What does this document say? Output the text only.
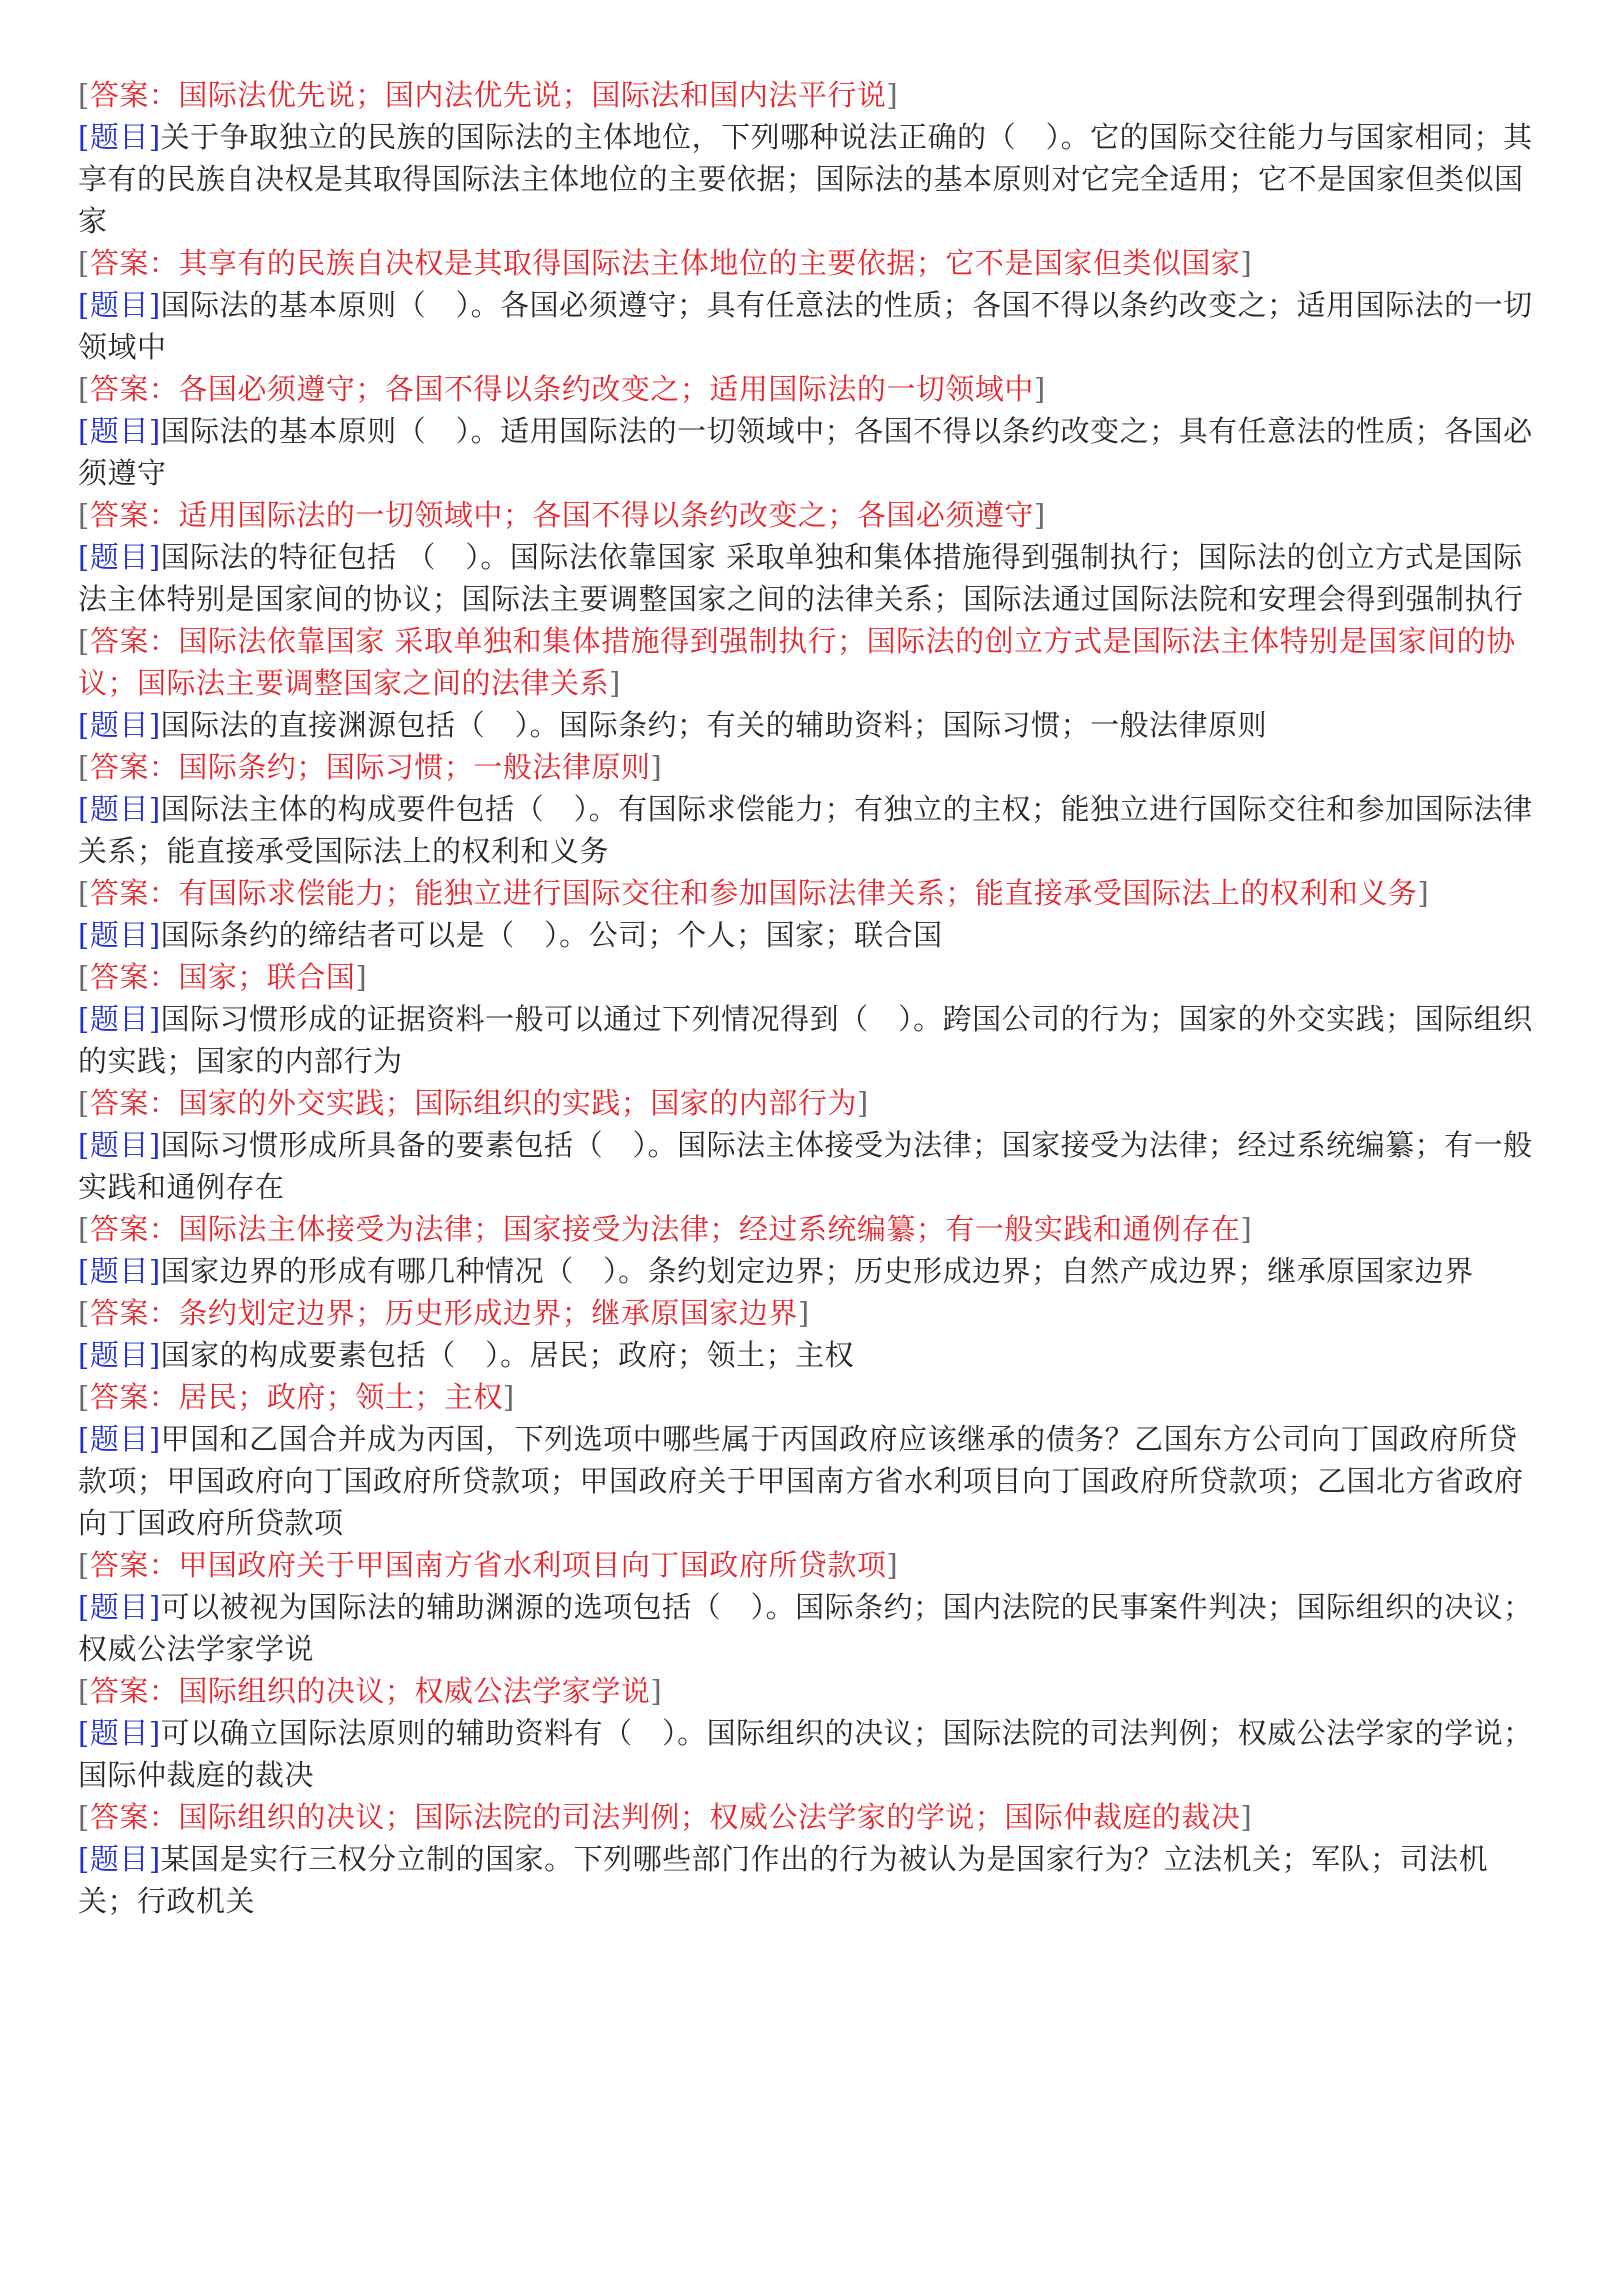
[答案：国际法优先说；国内法优先说；国际法和国内法平行说]

[题目]关于争取独立的民族的国际法的主体地位，下列哪种说法正确的（　）。它的国际交往能力与国家相同；其享有的民族自决权是其取得国际法主体地位的主要依据；国际法的基本原则对它完全适用；它不是国家但类似国家

[答案：其享有的民族自决权是其取得国际法主体地位的主要依据；它不是国家但类似国家]

[题目]国际法的基本原则（　）。各国必须遵守；具有任意法的性质；各国不得以条约改变之；适用国际法的一切领域中

[答案：各国必须遵守；各国不得以条约改变之；适用国际法的一切领域中]

[题目]国际法的基本原则（　）。适用国际法的一切领域中；各国不得以条约改变之；具有任意法的性质；各国必须遵守

[答案：适用国际法的一切领域中；各国不得以条约改变之；各国必须遵守]

[题目]国际法的特征包括 （　）。国际法依靠国家 采取单独和集体措施得到强制执行；国际法的创立方式是国际法主体特别是国家间的协议；国际法主要调整国家之间的法律关系；国际法通过国际法院和安理会得到强制执行

[答案：国际法依靠国家 采取单独和集体措施得到强制执行；国际法的创立方式是国际法主体特别是国家间的协议；国际法主要调整国家之间的法律关系]

[题目]国际法的直接渊源包括（　）。国际条约；有关的辅助资料；国际习惯；一般法律原则

[答案：国际条约；国际习惯；一般法律原则]

[题目]国际法主体的构成要件包括（　）。有国际求偿能力；有独立的主权；能独立进行国际交往和参加国际法律关系；能直接承受国际法上的权利和义务

[答案：有国际求偿能力；能独立进行国际交往和参加国际法律关系；能直接承受国际法上的权利和义务]

[题目]国际条约的缔结者可以是（　）。公司；个人；国家；联合国

[答案：国家；联合国]

[题目]国际习惯形成的证据资料一般可以通过下列情况得到（　）。跨国公司的行为；国家的外交实践；国际组织的实践；国家的内部行为

[答案：国家的外交实践；国际组织的实践；国家的内部行为]

[题目]国际习惯形成所具备的要素包括（　）。国际法主体接受为法律；国家接受为法律；经过系统编纂；有一般实践和通例存在

[答案：国际法主体接受为法律；国家接受为法律；经过系统编纂；有一般实践和通例存在]

[题目]国家边界的形成有哪几种情况（　）。条约划定边界；历史形成边界；自然产成边界；继承原国家边界

[答案：条约划定边界；历史形成边界；继承原国家边界]

[题目]国家的构成要素包括（　）。居民；政府；领土；主权

[答案：居民；政府；领土；主权]

[题目]甲国和乙国合并成为丙国，下列选项中哪些属于丙国政府应该继承的债务？乙国东方公司向丁国政府所贷款项；甲国政府向丁国政府所贷款项；甲国政府关于甲国南方省水利项目向丁国政府所贷款项；乙国北方省政府向丁国政府所贷款项

[答案：甲国政府关于甲国南方省水利项目向丁国政府所贷款项]

[题目]可以被视为国际法的辅助渊源的选项包括（　）。国际条约；国内法院的民事案件判决；国际组织的决议；权威公法学家学说

[答案：国际组织的决议；权威公法学家学说]

[题目]可以确立国际法原则的辅助资料有（　）。国际组织的决议；国际法院的司法判例；权威公法学家的学说；国际仲裁庭的裁决

[答案：国际组织的决议；国际法院的司法判例；权威公法学家的学说；国际仲裁庭的裁决]

[题目]某国是实行三权分立制的国家。下列哪些部门作出的行为被认为是国家行为？立法机关；军队；司法机关；行政机关
